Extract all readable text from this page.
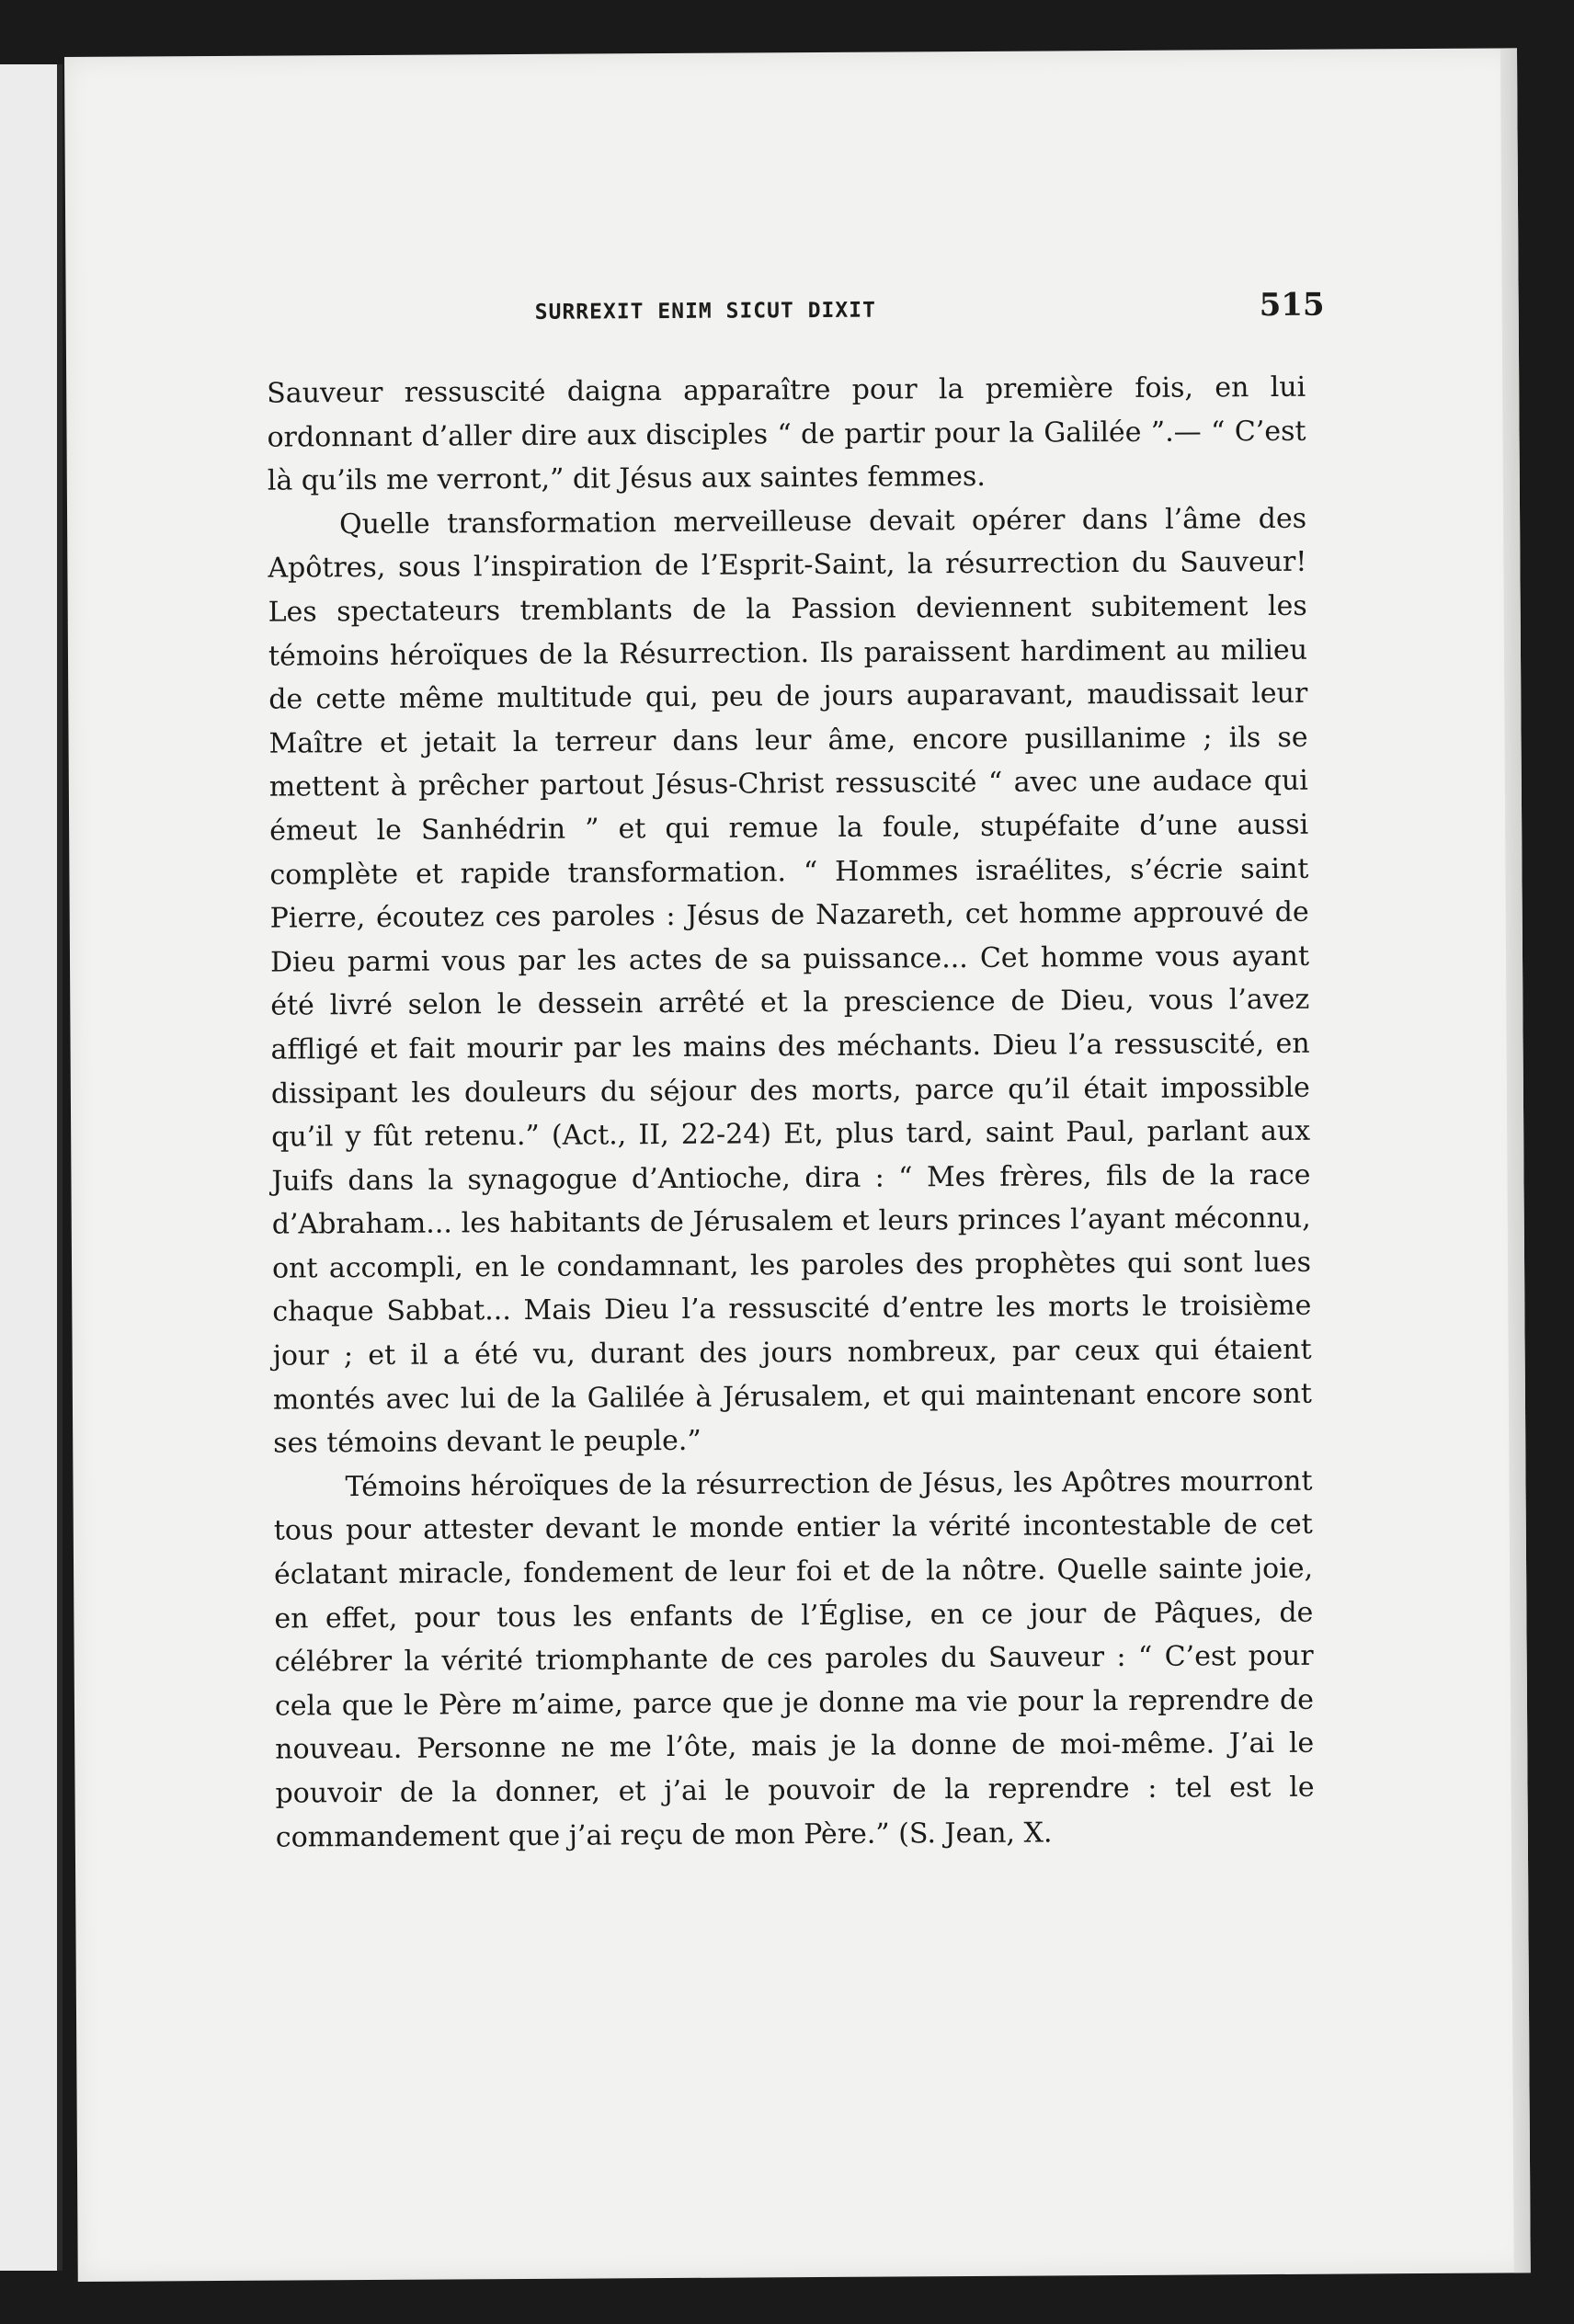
SURREXIT ENIM SICUT DIXIT	515

Sauveur ressuscité daigna apparaître pour la première fois, en lui ordonnant d’aller dire aux disciples “ de partir pour la Galilée ”.— “ C’est là qu’ils me verront,” dit Jésus aux saintes femmes.

Quelle transformation merveilleuse devait opérer dans l’âme des Apôtres, sous l’inspiration de l’Esprit-Saint, la résurrection du Sauveur! Les spectateurs tremblants de la Passion deviennent subitement les témoins héroïques de la Résurrection. Ils paraissent hardiment au milieu de cette même multitude qui, peu de jours auparavant, maudissait leur Maître et jetait la terreur dans leur âme, encore pusillanime ; ils se mettent à prêcher partout Jésus-Christ ressuscité “ avec une audace qui émeut le Sanhédrin ” et qui remue la foule, stupéfaite d’une aussi complète et rapide transformation. “ Hommes israélites, s’écrie saint Pierre, écoutez ces paroles : Jésus de Nazareth, cet homme approuvé de Dieu parmi vous par les actes de sa puissance... Cet homme vous ayant été livré selon le dessein arrêté et la prescience de Dieu, vous l’avez affligé et fait mourir par les mains des méchants. Dieu l’a ressuscité, en dissipant les douleurs du séjour des morts, parce qu’il était impossible qu’il y fût retenu.” (Act., II, 22-24) Et, plus tard, saint Paul, parlant aux Juifs dans la synagogue d’Antioche, dira : “ Mes frères, fils de la race d’Abraham... les habitants de Jérusalem et leurs princes l’ayant méconnu, ont accompli, en le condamnant, les paroles des prophètes qui sont lues chaque Sabbat... Mais Dieu l’a ressuscité d’entre les morts le troisième jour ; et il a été vu, durant des jours nombreux, par ceux qui étaient montés avec lui de la Galilée à Jérusalem, et qui maintenant encore sont ses témoins devant le peuple.”

Témoins héroïques de la résurrection de Jésus, les Apôtres mourront tous pour attester devant le monde entier la vérité incontestable de cet éclatant miracle, fondement de leur foi et de la nôtre. Quelle sainte joie, en effet, pour tous les enfants de l’Église, en ce jour de Pâques, de célébrer la vérité triomphante de ces paroles du Sauveur : “ C’est pour cela que le Père m’aime, parce que je donne ma vie pour la reprendre de nouveau. Personne ne me l’ôte, mais je la donne de moi-même. J’ai le pouvoir de la donner, et j’ai le pouvoir de la reprendre : tel est le commandement que j’ai reçu de mon Père.” (S. Jean, X.
